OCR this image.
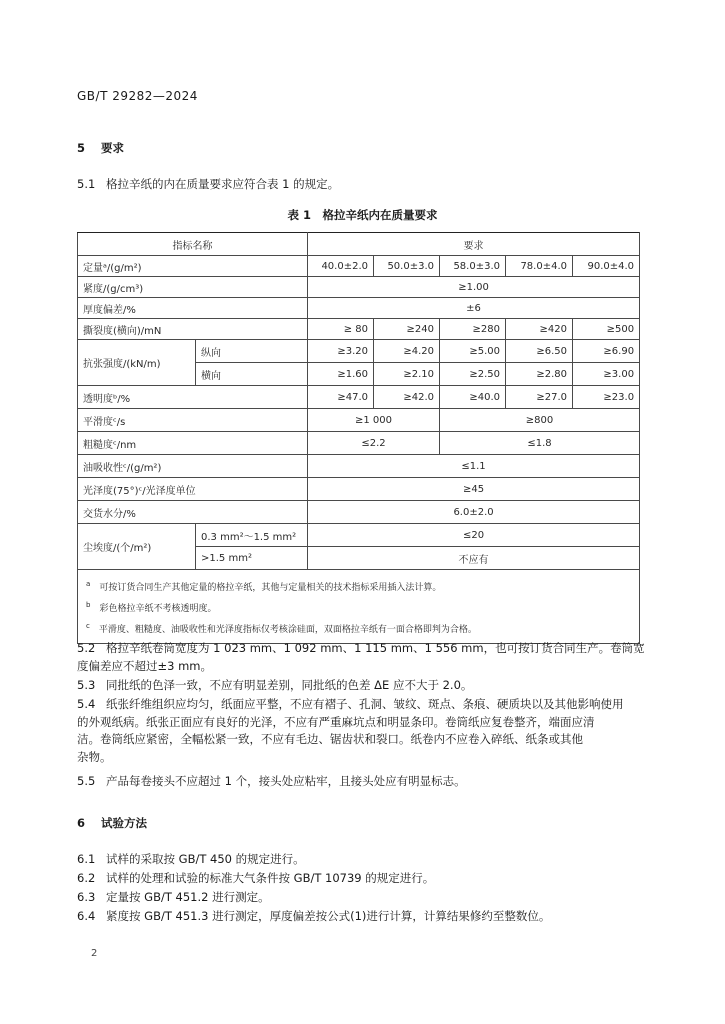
GB/T 29282—2024
5 要求
5.1 格拉辛纸的内在质量要求应符合表 1 的规定。
表 1　格拉辛纸内在质量要求
指标名称		要求				
定量ᵃ/(g/m²)		40.0±2.0	50.0±3.0	58.0±3.0	78.0±4.0	90.0±4.0
紧度/(g/cm³)		≥1.00				
厚度偏差/%		±6				
撕裂度(横向)/mN		≥ 80	≥240	≥280	≥420	≥500
抗张强度/(kN/m)	纵向	≥3.20	≥4.20	≥5.00	≥6.50	≥6.90
	横向	≥1.60	≥2.10	≥2.50	≥2.80	≥3.00
透明度ᵇ/%		≥47.0	≥42.0	≥40.0	≥27.0	≥23.0
平滑度ᶜ/s		≥1 000		≥800		
粗糙度ᶜ/nm		≤2.2		≤1.8		
油吸收性ᶜ/(g/m²)		≤1.1				
光泽度(75°)ᶜ/光泽度单位		≥45				
交货水分/%		6.0±2.0				
尘埃度/(个/m²)	0.3 mm²～1.5 mm²	≤20				
	>1.5 mm²	不应有				

$^a$　 可按订货合同生产其他定量的格拉辛纸，其他与定量相关的技术指标采用插入法计算。
$^b$　 彩色格拉辛纸不考核透明度。
$^c$　 平滑度、粗糙度、油吸收性和光泽度指标仅考核涂硅面，双面格拉辛纸有一面合格即判为合格。						
5.2 格拉辛纸卷筒宽度为 1 023 mm、1 092 mm、1 115 mm、1 556 mm，也可按订货合同生产。卷筒宽
度偏差应不超过±3 mm。
5.3 同批纸的色泽一致，不应有明显差别，同批纸的色差 ΔE 应不大于 2.0。
5.4 纸张纤维组织应均匀，纸面应平整，不应有褶子、孔洞、皱纹、斑点、条痕、硬质块以及其他影响使用
的外观纸病。纸张正面应有良好的光泽，不应有严重麻坑点和明显条印。卷筒纸应复卷整齐，端面应清
洁。卷筒纸应紧密，全幅松紧一致，不应有毛边、锯齿状和裂口。纸卷内不应卷入碎纸、纸条或其他
杂物。
5.5 产品每卷接头不应超过 1 个，接头处应粘牢，且接头处应有明显标志。
6 试验方法
6.1 试样的采取按 GB/T 450 的规定进行。
6.2 试样的处理和试验的标准大气条件按 GB/T 10739 的规定进行。
6.3 定量按 GB/T 451.2 进行测定。
6.4 紧度按 GB/T 451.3 进行测定，厚度偏差按公式(1)进行计算，计算结果修约至整数位。
2
